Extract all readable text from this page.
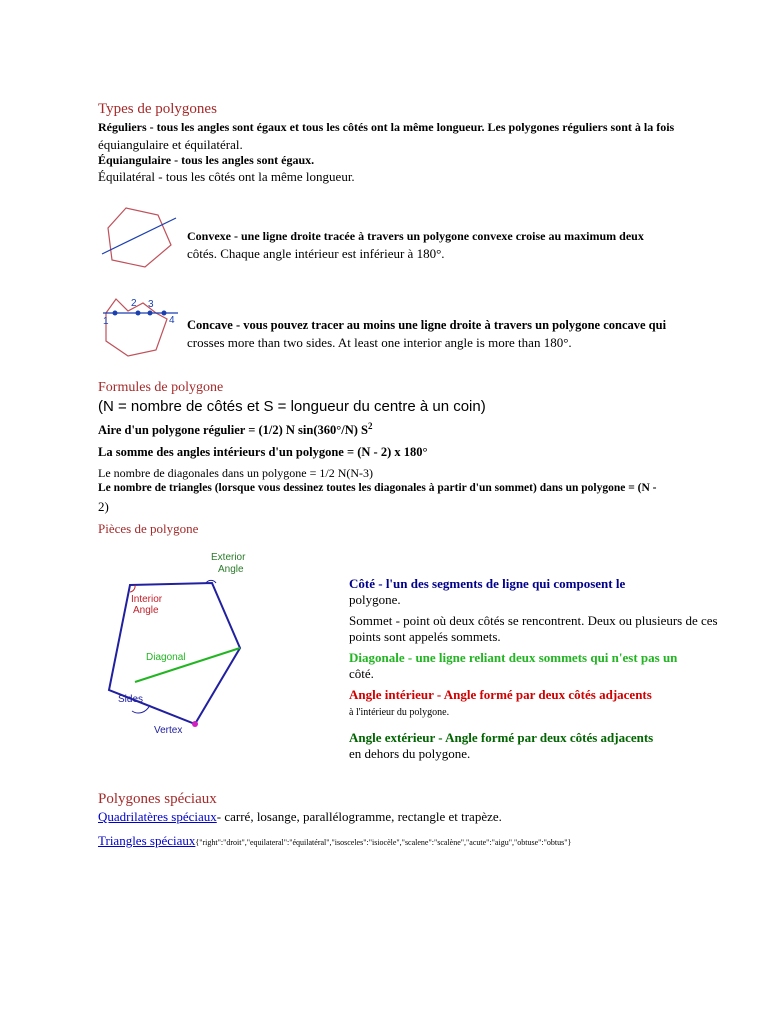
Types de polygones
Réguliers - tous les angles sont égaux et tous les côtés ont la même longueur. Les polygones réguliers sont à la fois
équiangulaire et équilatéral.
Équiangulaire - tous les angles sont égaux.
Équilatéral - tous les côtés ont la même longueur.
Convexe - une ligne droite tracée à travers un polygone convexe croise au maximum deux
côtés. Chaque angle intérieur est inférieur à 180°.
1
2 3
4 Concave - vous pouvez tracer au moins une ligne droite à travers un polygone concave qui
crosses more than two sides. At least one interior angle is more than 180°.
Formules de polygone
(N = nombre de côtés et S = longueur du centre à un coin)
Aire d'un polygone régulier = (1/2) N sin(360°/N) $S^2$
La somme des angles intérieurs d'un polygone = (N - 2) x 180°
Le nombre de diagonales dans un polygone = 1/2 N(N-3)
Le nombre de triangles (lorsque vous dessinez toutes les diagonales à partir d'un sommet) dans un polygone = (N -
2)
Pièces de polygone
Exterior
Angle
Interior
Angle
Diagonal
Sides
Vertex

Côté - l'un des segments de ligne qui composent le
polygone.

Sommet - point où deux côtés se rencontrent. Deux ou plusieurs de ces points sont appelés sommets.

Diagonale - une ligne reliant deux sommets qui n'est pas un
côté.

Angle intérieur - Angle formé par deux côtés adjacents
à l'intérieur du polygone.

Angle extérieur - Angle formé par deux côtés adjacents
en dehors du polygone.

Polygones spéciaux
Quadrilatères spéciaux- carré, losange, parallélogramme, rectangle et trapèze.
Triangles spéciaux{"right":"droit","equilateral":"équilatéral","isosceles":"isiocèle","scalene":"scalène","acute":"aigu","obtuse":"obtus"}
